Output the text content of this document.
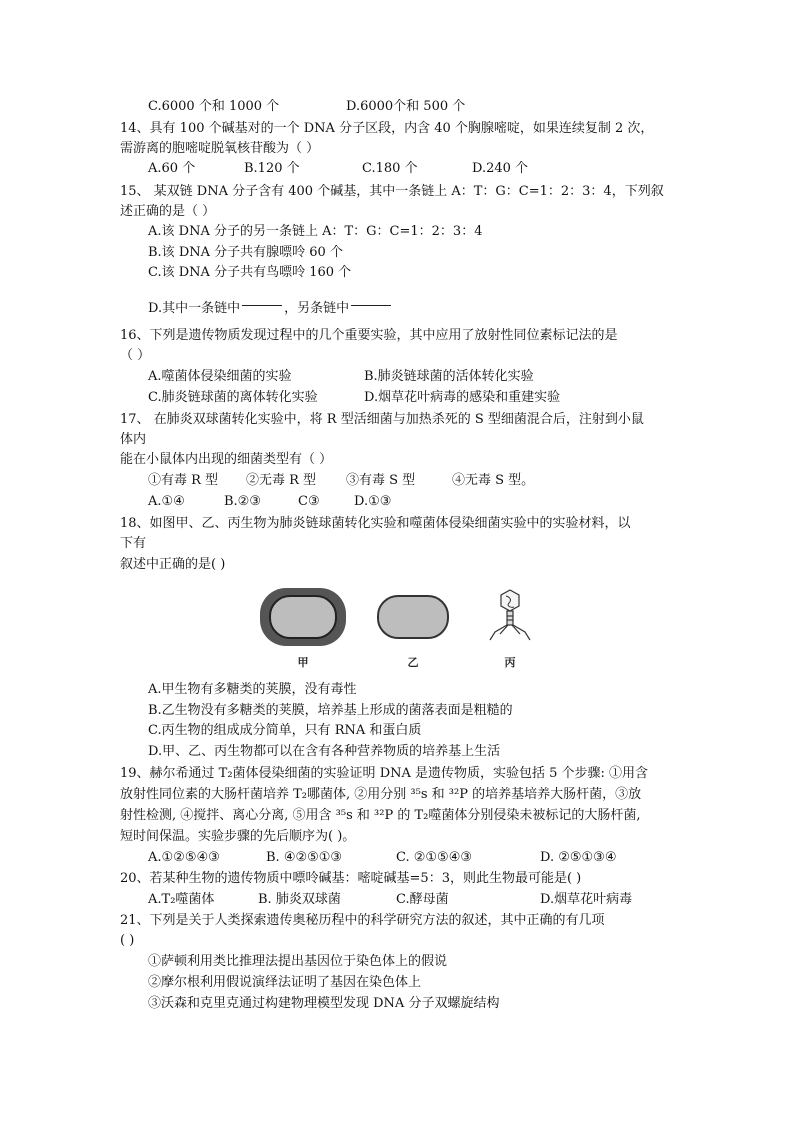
C.6000 个和 1000 个	D.6000个和 500 个
14、具有 100 个碱基对的一个 DNA 分子区段，内含 40 个胸腺嘧啶，如果连续复制 2 次，
需游离的胞嘧啶脱氧核苷酸为（ ）
A.60 个	B.120 个	C.180 个	D.240 个
15、 某双链 DNA 分子含有 400 个碱基，其中一条链上 A：T：G：C=1：2：3：4，下列叙
述正确的是（ ）
A.该 DNA 分子的另一条链上 A：T：G：C=1：2：3：4
B.该 DNA 分子共有腺嘌呤 60 个
C.该 DNA 分子共有鸟嘌呤 160 个
D.其中一条链中	，另条链中
16、下列是遗传物质发现过程中的几个重要实验，其中应用了放射性同位素标记法的是
（ ）
A.噬菌体侵染细菌的实验	B.肺炎链球菌的活体转化实验
C.肺炎链球菌的离体转化实验	D.烟草花叶病毒的感染和重建实验
17、 在肺炎双球菌转化实验中，将 R 型活细菌与加热杀死的 S 型细菌混合后，注射到小鼠
体内
能在小鼠体内出现的细菌类型有（ ）
①有毒 R 型 ②无毒 R 型 ③有毒 S 型	④无毒 S 型。
A.①④	B.②③	C③	D.①③
18、如图甲、乙、丙生物为肺炎链球菌转化实验和噬菌体侵染细菌实验中的实验材料，以
下有
叙述中正确的是( )
甲	乙	丙
A.甲生物有多糖类的荚膜，没有毒性
B.乙生物没有多糖类的荚膜，培养基上形成的菌落表面是粗糙的
C.丙生物的组成成分简单，只有 RNA 和蛋白质
D.甲、乙、丙生物都可以在含有各种营养物质的培养基上生活
19、赫尔希通过 T₂菌体侵染细菌的实验证明 DNA 是遗传物质，实验包括 5 个步骤: ①用含
放射性同位素的大肠杆菌培养 T₂哪菌体, ②用分别 ³⁵s 和 ³²P 的培养基培养大肠杆菌，③放
射性检测, ④搅拌、离心分离, ⑤用含 ³⁵s 和 ³²P 的 T₂噬菌体分别侵染未被标记的大肠杆菌,
短时间保温。实验步骤的先后顺序为( )。
A.①②⑤④③	B. ④②⑤①③	C. ②①⑤④③	D. ②⑤①③④
20、若某种生物的遗传物质中嘌呤碱基：嘧啶碱基=5：3，则此生物最可能是( )
A.T₂噬菌体	B. 肺炎双球菌	C.酵母菌	D.烟草花叶病毒
21、下列是关于人类探索遗传奥秘历程中的科学研究方法的叙述，其中正确的有几项
( )
①萨顿利用类比推理法提出基因位于染色体上的假说
②摩尔根利用假说演绎法证明了基因在染色体上
③沃森和克里克通过构建物理模型发现 DNA 分子双螺旋结构
